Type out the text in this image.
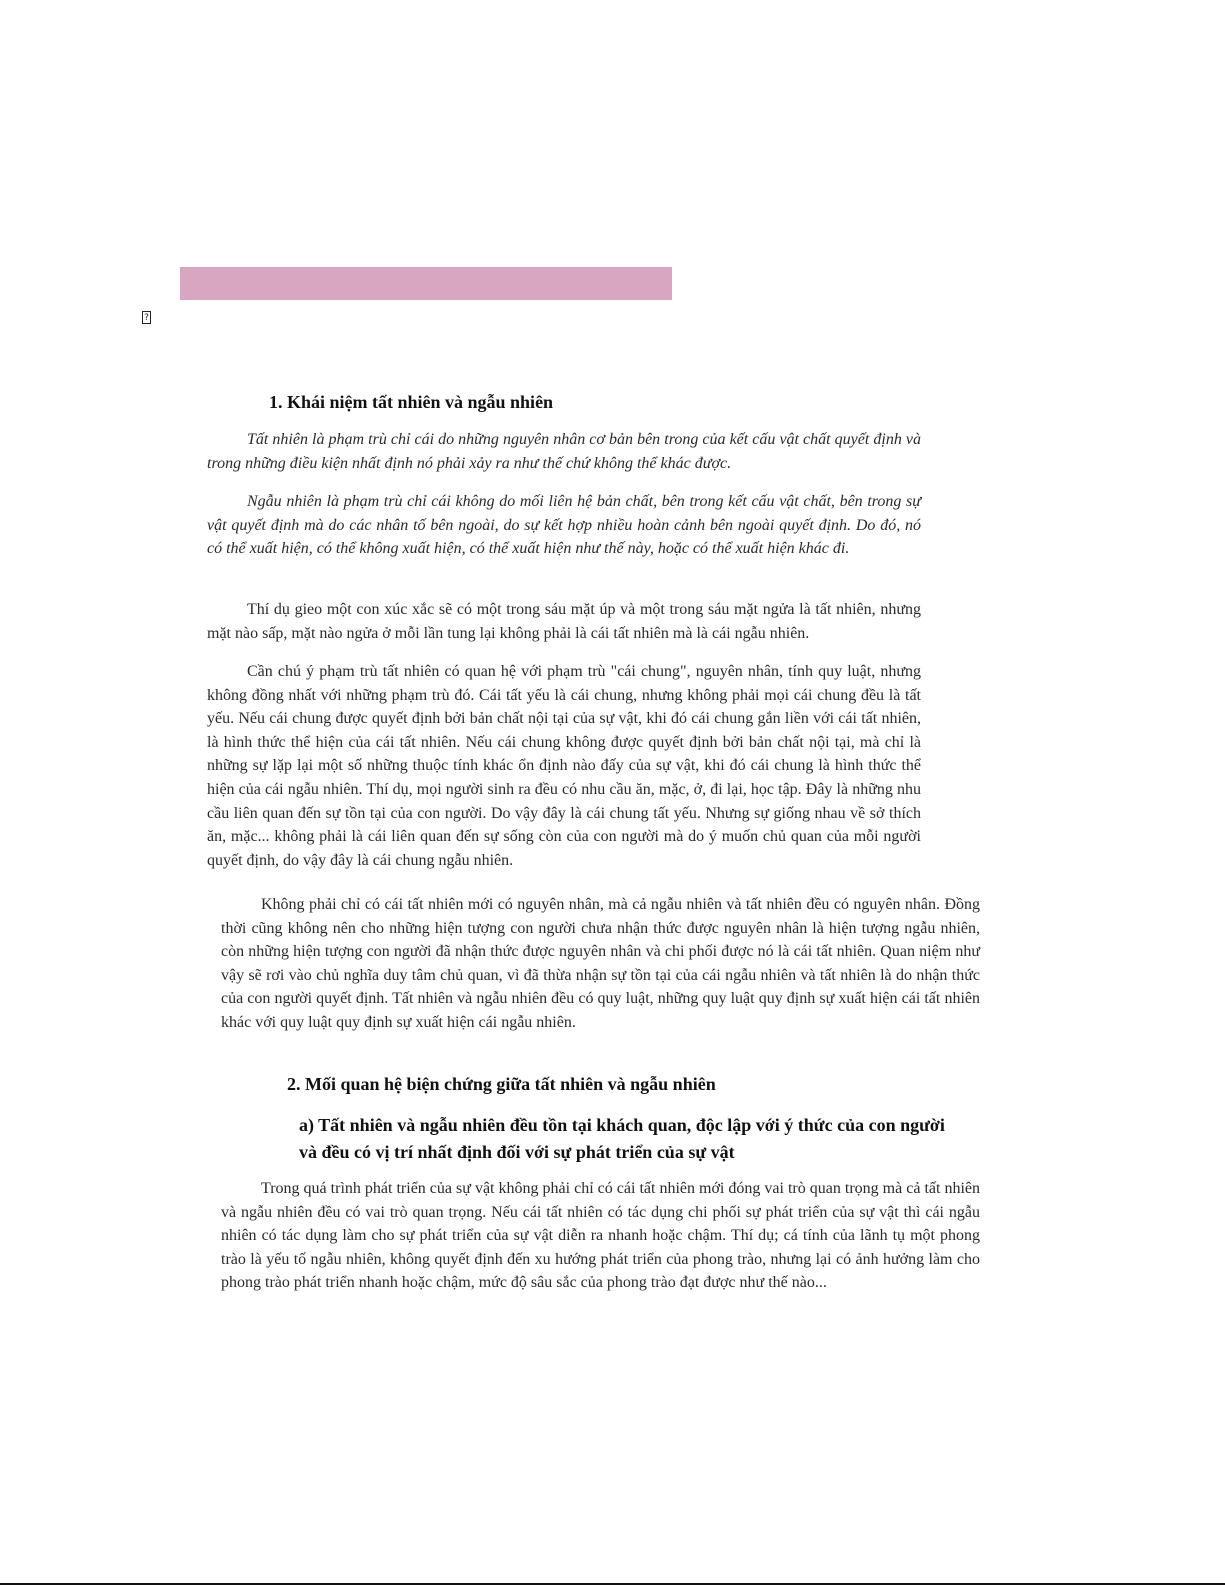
?
1. Khái niệm tất nhiên và ngẫu nhiên

Tất nhiên là phạm trù chỉ cái do những nguyên nhân cơ bản bên trong của kết cấu vật chất quyết định và trong những điều kiện nhất định nó phải xảy ra như thế chứ không thể khác được.

Ngẫu nhiên là phạm trù chỉ cái không do mối liên hệ bản chất, bên trong kết cấu vật chất, bên trong sự vật quyết định mà do các nhân tố bên ngoài, do sự kết hợp nhiều hoàn cảnh bên ngoài quyết định. Do đó, nó có thể xuất hiện, có thể không xuất hiện, có thể xuất hiện như thế này, hoặc có thể xuất hiện khác đi.

Thí dụ gieo một con xúc xắc sẽ có một trong sáu mặt úp và một trong sáu mặt ngửa là tất nhiên, nhưng mặt nào sấp, mặt nào ngửa ở mỗi lần tung lại không phải là cái tất nhiên mà là cái ngẫu nhiên.

Cần chú ý phạm trù tất nhiên có quan hệ với phạm trù "cái chung", nguyên nhân, tính quy luật, nhưng không đồng nhất với những phạm trù đó. Cái tất yếu là cái chung, nhưng không phải mọi cái chung đều là tất yếu. Nếu cái chung được quyết định bởi bản chất nội tại của sự vật, khi đó cái chung gắn liền với cái tất nhiên, là hình thức thể hiện của cái tất nhiên. Nếu cái chung không được quyết định bởi bản chất nội tại, mà chỉ là những sự lặp lại một số những thuộc tính khác ổn định nào đấy của sự vật, khi đó cái chung là hình thức thể hiện của cái ngẫu nhiên. Thí dụ, mọi người sinh ra đều có nhu cầu ăn, mặc, ở, đi lại, học tập. Đây là những nhu cầu liên quan đến sự tồn tại của con người. Do vậy đây là cái chung tất yếu. Nhưng sự giống nhau về sở thích ăn, mặc... không phải là cái liên quan đến sự sống còn của con người mà do ý muốn chủ quan của mỗi người quyết định, do vậy đây là cái chung ngẫu nhiên.

Không phải chỉ có cái tất nhiên mới có nguyên nhân, mà cả ngẫu nhiên và tất nhiên đều có nguyên nhân. Đồng thời cũng không nên cho những hiện tượng con người chưa nhận thức được nguyên nhân là hiện tượng ngẫu nhiên, còn những hiện tượng con người đã nhận thức được nguyên nhân và chi phối được nó là cái tất nhiên. Quan niệm như vậy sẽ rơi vào chủ nghĩa duy tâm chủ quan, vì đã thừa nhận sự tồn tại của cái ngẫu nhiên và tất nhiên là do nhận thức của con người quyết định. Tất nhiên và ngẫu nhiên đều có quy luật, những quy luật quy định sự xuất hiện cái tất nhiên khác với quy luật quy định sự xuất hiện cái ngẫu nhiên.

2. Mối quan hệ biện chứng giữa tất nhiên và ngẫu nhiên
a) Tất nhiên và ngẫu nhiên đều tồn tại khách quan, độc lập với ý thức của con người và đều có vị trí nhất định đối với sự phát triển của sự vật

Trong quá trình phát triển của sự vật không phải chỉ có cái tất nhiên mới đóng vai trò quan trọng mà cả tất nhiên và ngẫu nhiên đều có vai trò quan trọng. Nếu cái tất nhiên có tác dụng chi phối sự phát triển của sự vật thì cái ngẫu nhiên có tác dụng làm cho sự phát triển của sự vật diễn ra nhanh hoặc chậm. Thí dụ; cá tính của lãnh tụ một phong trào là yếu tố ngẫu nhiên, không quyết định đến xu hướng phát triển của phong trào, nhưng lại có ảnh hưởng làm cho phong trào phát triển nhanh hoặc chậm, mức độ sâu sắc của phong trào đạt được như thế nào...
